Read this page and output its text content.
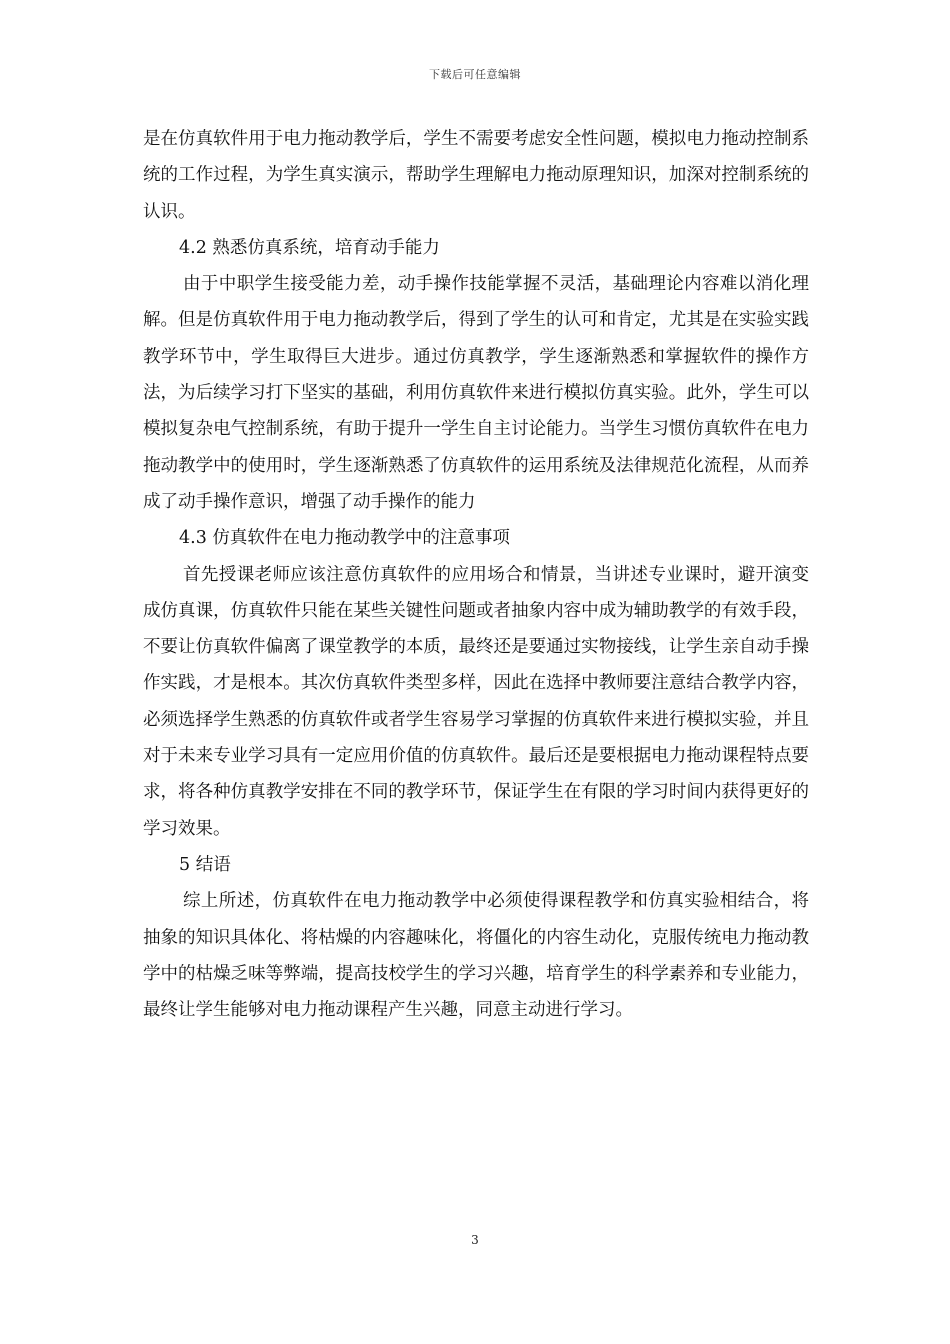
下载后可任意编辑

是在仿真软件用于电力拖动教学后，学生不需要考虑安全性问题，模拟电力拖动控制系统的工作过程，为学生真实演示，帮助学生理解电力拖动原理知识，加深对控制系统的认识。

4.2 熟悉仿真系统，培育动手能力

由于中职学生接受能力差，动手操作技能掌握不灵活，基础理论内容难以消化理解。但是仿真软件用于电力拖动教学后，得到了学生的认可和肯定，尤其是在实验实践教学环节中，学生取得巨大进步。通过仿真教学，学生逐渐熟悉和掌握软件的操作方法，为后续学习打下坚实的基础，利用仿真软件来进行模拟仿真实验。此外，学生可以模拟复杂电气控制系统，有助于提升一学生自主讨论能力。当学生习惯仿真软件在电力拖动教学中的使用时，学生逐渐熟悉了仿真软件的运用系统及法律规范化流程，从而养成了动手操作意识，增强了动手操作的能力

4.3 仿真软件在电力拖动教学中的注意事项

首先授课老师应该注意仿真软件的应用场合和情景，当讲述专业课时，避开演变成仿真课，仿真软件只能在某些关键性问题或者抽象内容中成为辅助教学的有效手段，不要让仿真软件偏离了课堂教学的本质，最终还是要通过实物接线，让学生亲自动手操作实践，才是根本。其次仿真软件类型多样，因此在选择中教师要注意结合教学内容，必须选择学生熟悉的仿真软件或者学生容易学习掌握的仿真软件来进行模拟实验，并且对于未来专业学习具有一定应用价值的仿真软件。最后还是要根据电力拖动课程特点要求，将各种仿真教学安排在不同的教学环节，保证学生在有限的学习时间内获得更好的学习效果。

5 结语

综上所述，仿真软件在电力拖动教学中必须使得课程教学和仿真实验相结合，将抽象的知识具体化、将枯燥的内容趣味化，将僵化的内容生动化，克服传统电力拖动教学中的枯燥乏味等弊端，提高技校学生的学习兴趣，培育学生的科学素养和专业能力，最终让学生能够对电力拖动课程产生兴趣，同意主动进行学习。

3
